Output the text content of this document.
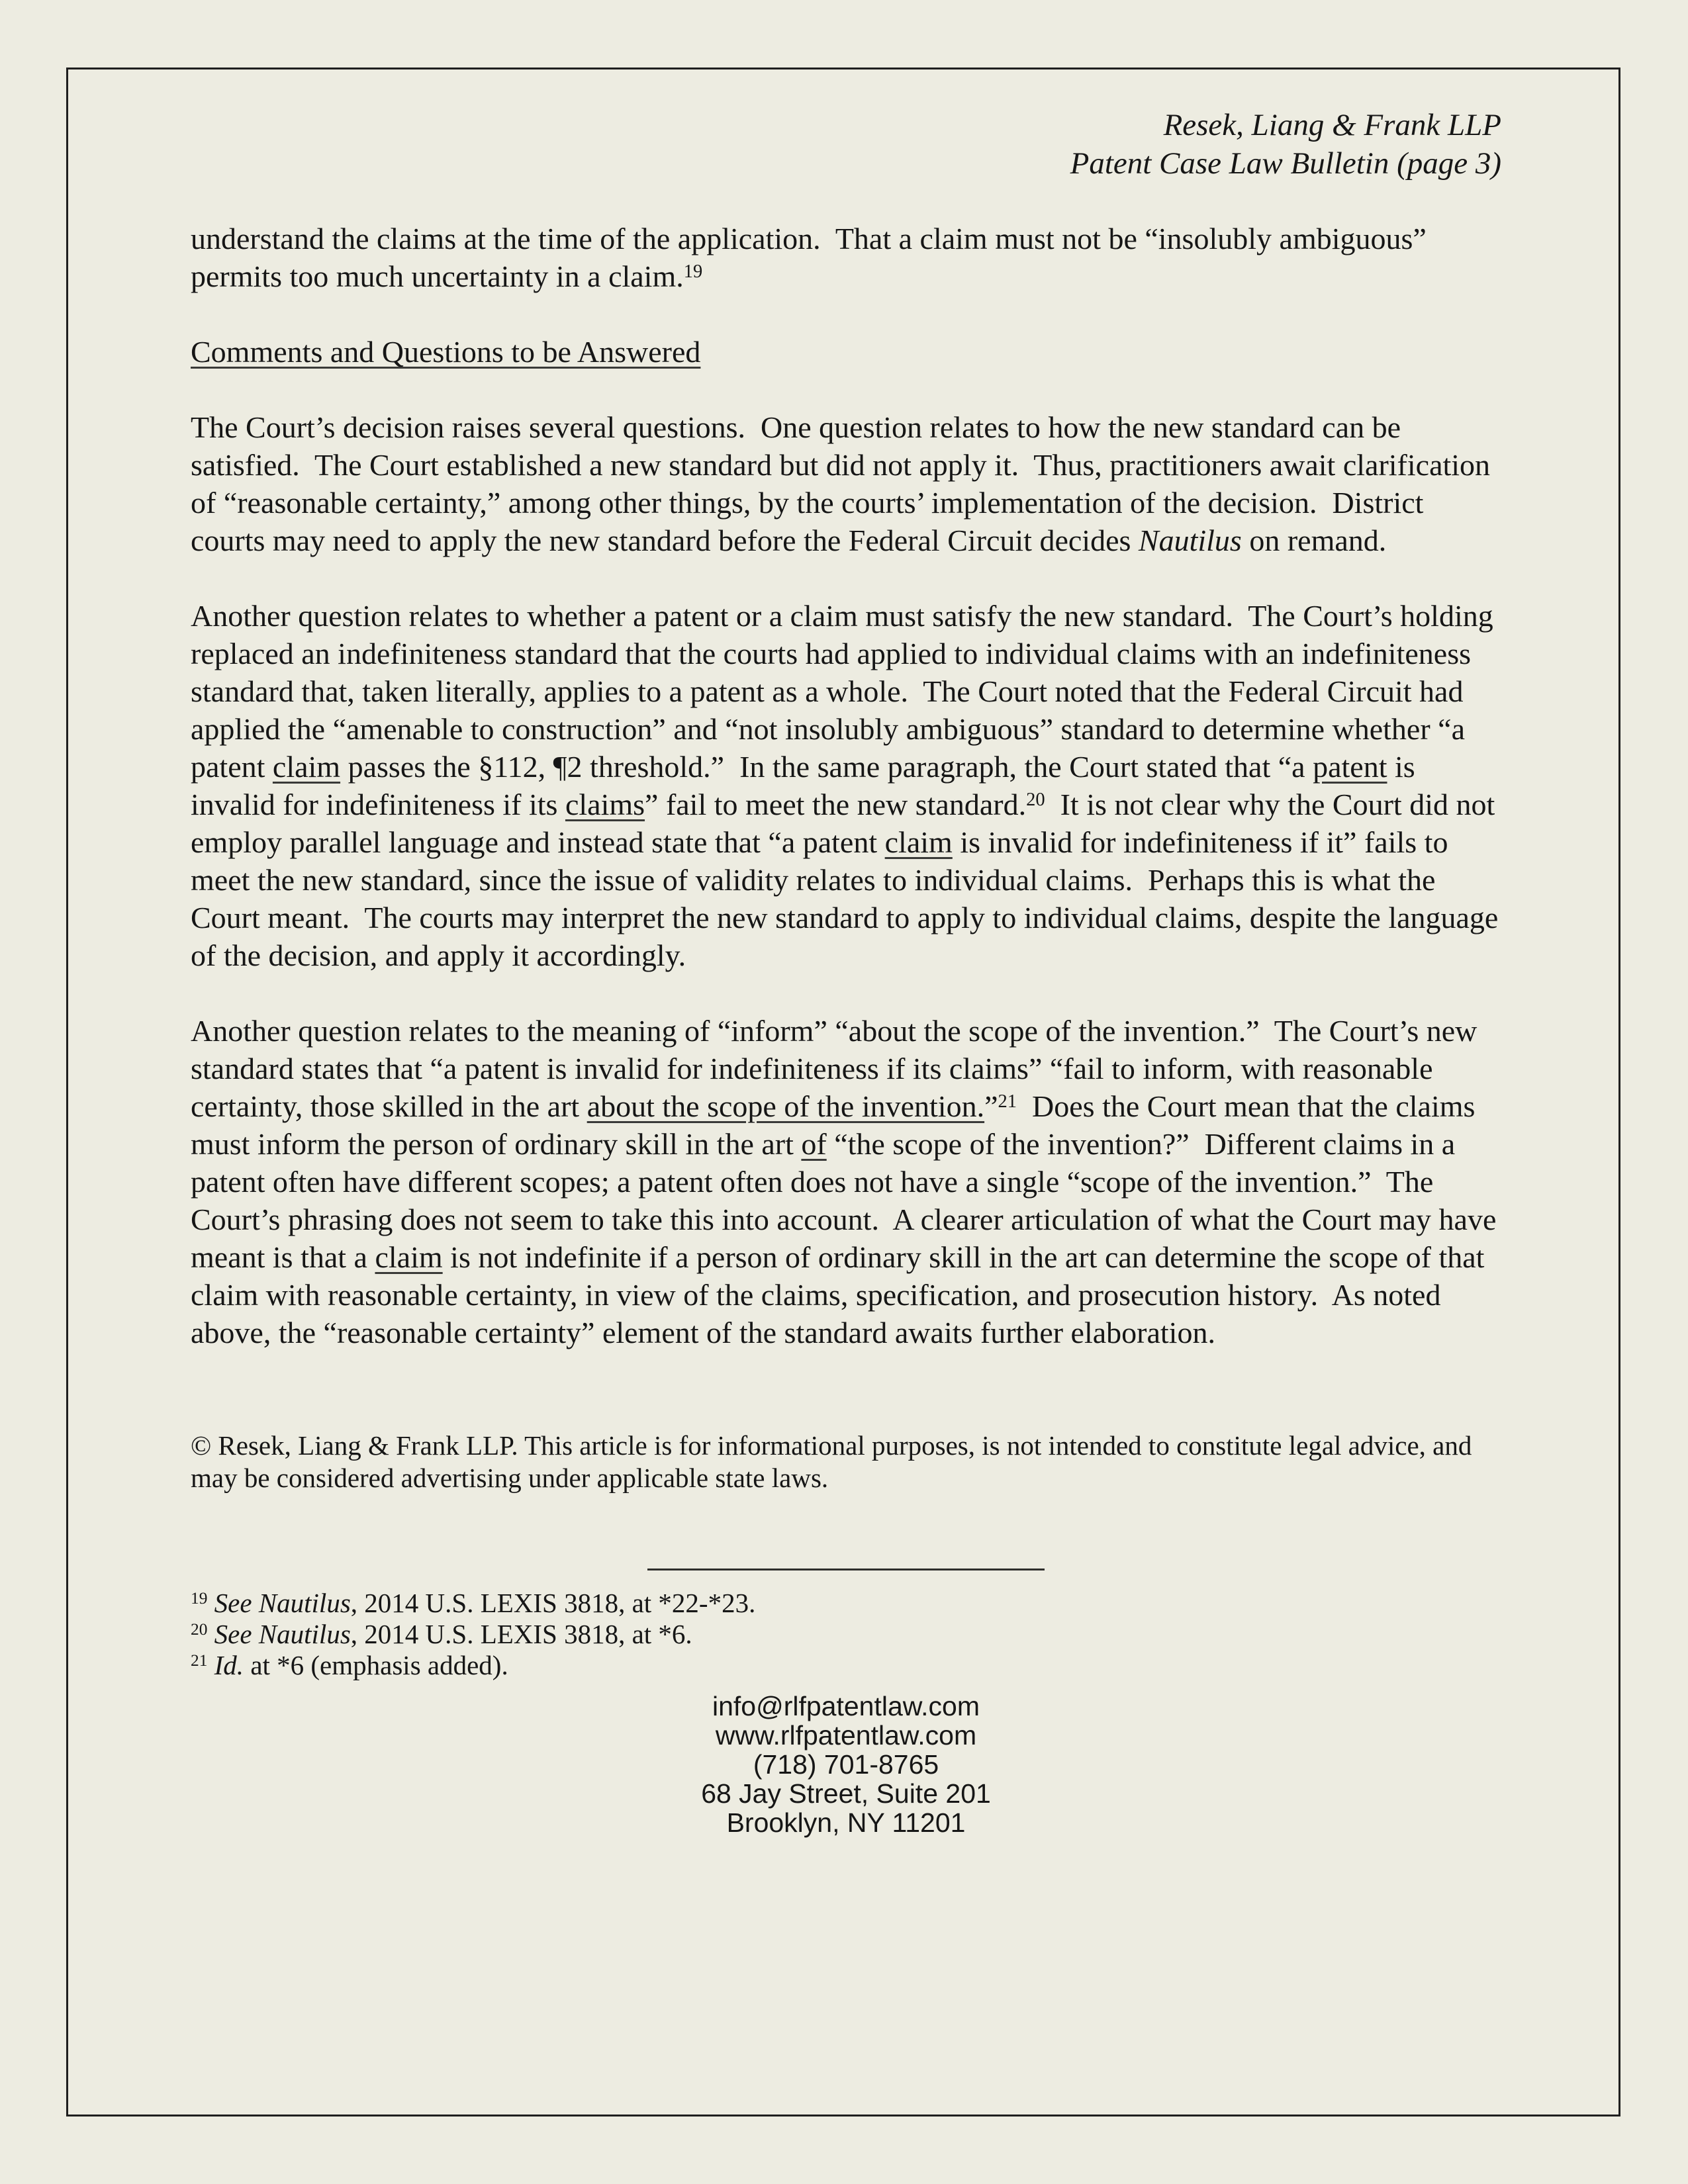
Resek, Liang & Frank LLP
Patent Case Law Bulletin (page 3)

understand the claims at the time of the application.  That a claim must not be “insolubly ambiguous” permits too much uncertainty in a claim.$^{19}$

Comments and Questions to be Answered

The Court’s decision raises several questions.  One question relates to how the new standard can be satisfied.  The Court established a new standard but did not apply it.  Thus, practitioners await clarification of “reasonable certainty,” among other things, by the courts’ implementation of the decision.  District courts may need to apply the new standard before the Federal Circuit decides Nautilus on remand.

Another question relates to whether a patent or a claim must satisfy the new standard.  The Court’s holding replaced an indefiniteness standard that the courts had applied to individual claims with an indefiniteness standard that, taken literally, applies to a patent as a whole.  The Court noted that the Federal Circuit had applied the “amenable to construction” and “not insolubly ambiguous” standard to determine whether “a patent claim passes the §112, ¶2 threshold.”  In the same paragraph, the Court stated that “a patent is invalid for indefiniteness if its claims” fail to meet the new standard.$^{20}$  It is not clear why the Court did not employ parallel language and instead state that “a patent claim is invalid for indefiniteness if it” fails to meet the new standard, since the issue of validity relates to individual claims.  Perhaps this is what the Court meant.  The courts may interpret the new standard to apply to individual claims, despite the language of the decision, and apply it accordingly.

Another question relates to the meaning of “inform” “about the scope of the invention.”  The Court’s new standard states that “a patent is invalid for indefiniteness if its claims” “fail to inform, with reasonable certainty, those skilled in the art about the scope of the invention.”$^{21}$  Does the Court mean that the claims must inform the person of ordinary skill in the art of “the scope of the invention?”  Different claims in a patent often have different scopes; a patent often does not have a single “scope of the invention.”  The Court’s phrasing does not seem to take this into account.  A clearer articulation of what the Court may have meant is that a claim is not indefinite if a person of ordinary skill in the art can determine the scope of that claim with reasonable certainty, in view of the claims, specification, and prosecution history.  As noted above, the “reasonable certainty” element of the standard awaits further elaboration.

© Resek, Liang & Frank LLP. This article is for informational purposes, is not intended to constitute legal advice, and may be considered advertising under applicable state laws.

$^{19}$ See Nautilus, 2014 U.S. LEXIS 3818, at *22-*23.

$^{20}$ See Nautilus, 2014 U.S. LEXIS 3818, at *6.

$^{21}$ Id. at *6 (emphasis added).

info@rlfpatentlaw.com
www.rlfpatentlaw.com
(718) 701-8765
68 Jay Street, Suite 201
Brooklyn, NY 11201
